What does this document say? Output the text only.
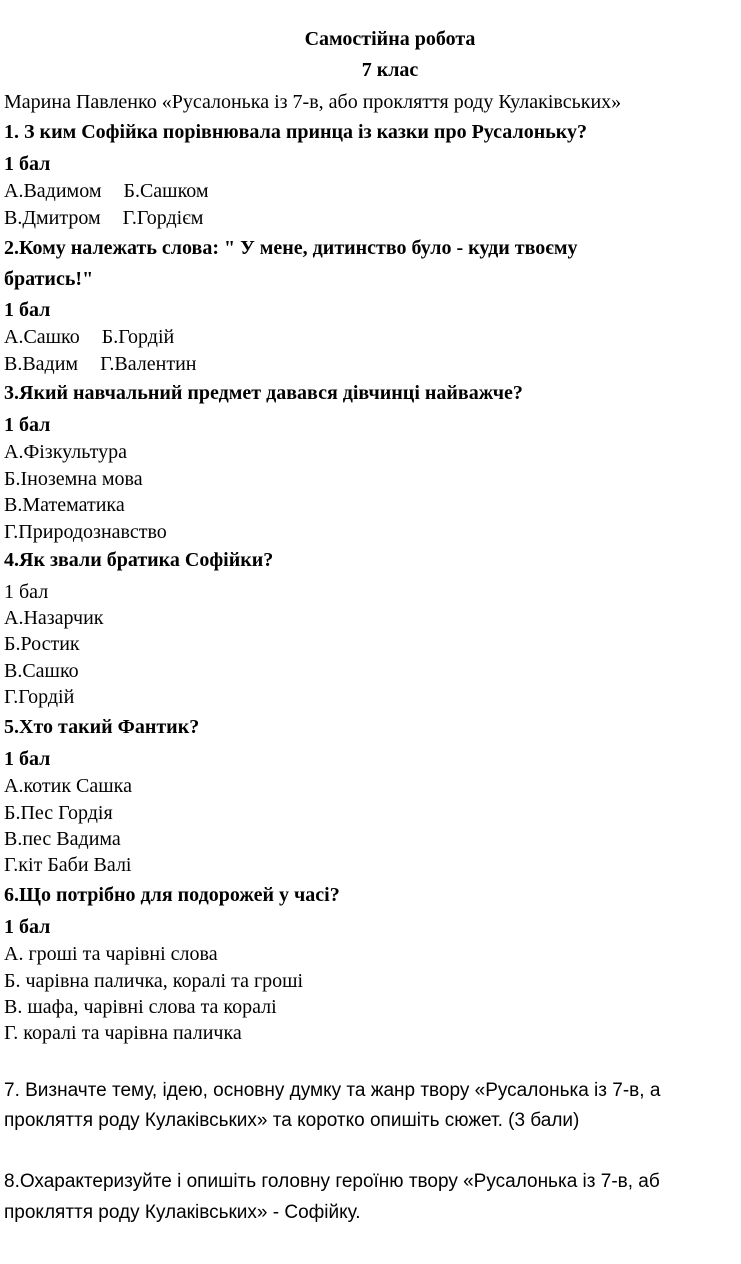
Самостійна робота
7 клас
Марина Павленко «Русалонька із 7-в, або прокляття роду Кулаківських»
1. З ким Софійка порівнювала принца із казки про Русалоньку?
1 бал
А.Вадимом Б.Сашком
В.Дмитром Г.Гордієм
2.Кому належать слова: " У мене, дитинство було - куди твоєму
братись!"
1 бал
А.Сашко Б.Гордій
В.Вадим Г.Валентин
3.Який навчальний предмет давався дівчинці найважче?
1 бал
А.Фізкультура
Б.Іноземна мова
В.Математика
Г.Природознавство
4.Як звали братика Софійки?
1 бал
А.Назарчик
Б.Ростик
В.Сашко
Г.Гордій
5.Хто такий Фантик?
1 бал
А.котик Сашка
Б.Пес Гордія
В.пес Вадима
Г.кіт Баби Валі
6.Що потрібно для подорожей у часі?
1 бал
А. гроші та чарівні слова
Б. чарівна паличка, коралі та гроші
В. шафа, чарівні слова та коралі
Г. коралі та чарівна паличка
7. Визначте тему, ідею, основну думку та жанр твору «Русалонька із 7-в, а
прокляття роду Кулаківських» та коротко опишіть сюжет. (3 бали)
8.Охарактеризуйте і опишіть головну героїню твору «Русалонька із 7-в, аб
прокляття роду Кулаківських» - Софійку.
